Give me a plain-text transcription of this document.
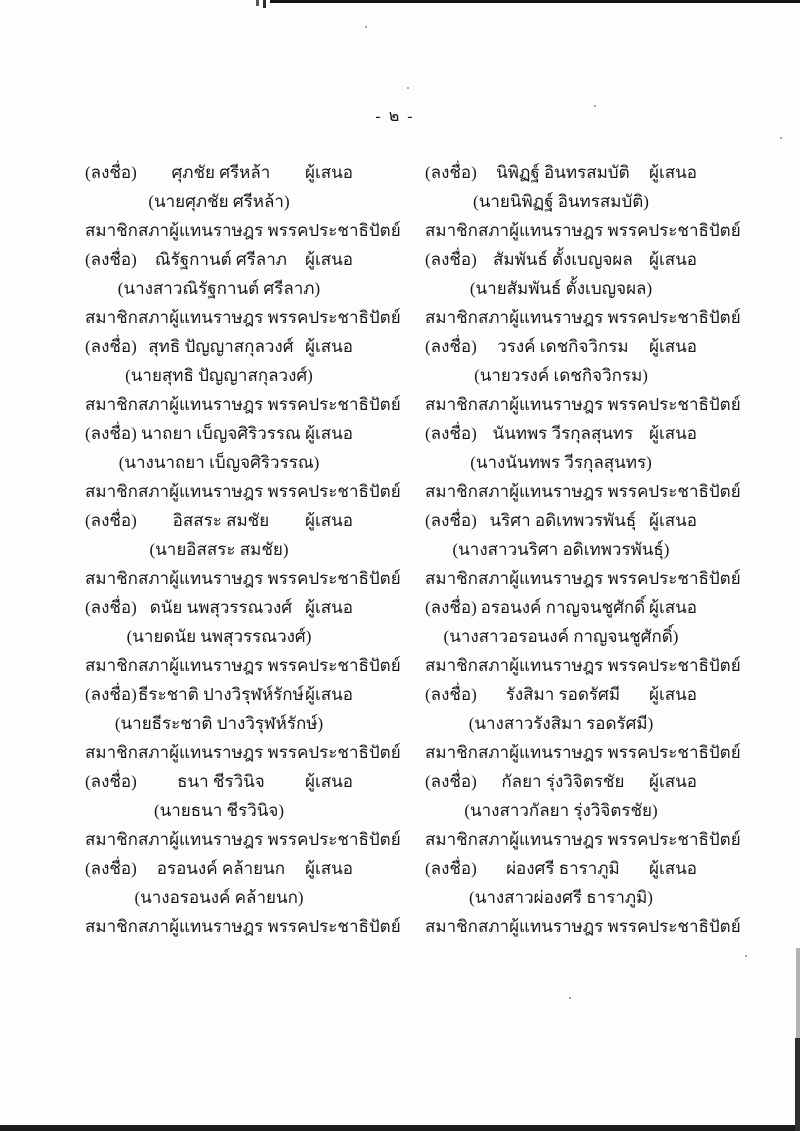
- ๒ -
(ลงชื่อ) ศุภชัย ศรีหล้า ผู้เสนอ
(นายศุภชัย ศรีหล้า)
สมาชิกสภาผู้แทนราษฎร พรรคประชาธิปัตย์
(ลงชื่อ) ณิรัฐกานต์ ศรีลาภ ผู้เสนอ
(นางสาวณิรัฐกานต์ ศรีลาภ)
สมาชิกสภาผู้แทนราษฎร พรรคประชาธิปัตย์
(ลงชื่อ) สุทธิ ปัญญาสกุลวงศ์ ผู้เสนอ
(นายสุทธิ ปัญญาสกุลวงศ์)
สมาชิกสภาผู้แทนราษฎร พรรคประชาธิปัตย์
(ลงชื่อ) นาถยา เบ็ญจศิริวรรณ ผู้เสนอ
(นางนาถยา เบ็ญจศิริวรรณ)
สมาชิกสภาผู้แทนราษฎร พรรคประชาธิปัตย์
(ลงชื่อ) อิสสระ สมชัย ผู้เสนอ
(นายอิสสระ สมชัย)
สมาชิกสภาผู้แทนราษฎร พรรคประชาธิปัตย์
(ลงชื่อ) ดนัย นพสุวรรณวงศ์ ผู้เสนอ
(นายดนัย นพสุวรรณวงศ์)
สมาชิกสภาผู้แทนราษฎร พรรคประชาธิปัตย์
(ลงชื่อ) ธีระชาติ ปางวิรุฬห์รักษ์ ผู้เสนอ
(นายธีระชาติ ปางวิรุฬห์รักษ์)
สมาชิกสภาผู้แทนราษฎร พรรคประชาธิปัตย์
(ลงชื่อ) ธนา ชีรวินิจ ผู้เสนอ
(นายธนา ชีรวินิจ)
สมาชิกสภาผู้แทนราษฎร พรรคประชาธิปัตย์
(ลงชื่อ) อรอนงค์ คล้ายนก ผู้เสนอ
(นางอรอนงค์ คล้ายนก)
สมาชิกสภาผู้แทนราษฎร พรรคประชาธิปัตย์
(ลงชื่อ) นิพิฏฐ์ อินทรสมบัติ ผู้เสนอ
(นายนิพิฏฐ์ อินทรสมบัติ)
สมาชิกสภาผู้แทนราษฎร พรรคประชาธิปัตย์
(ลงชื่อ) สัมพันธ์ ตั้งเบญจผล ผู้เสนอ
(นายสัมพันธ์ ตั้งเบญจผล)
สมาชิกสภาผู้แทนราษฎร พรรคประชาธิปัตย์
(ลงชื่อ) วรงค์ เดชกิจวิกรม ผู้เสนอ
(นายวรงค์ เดชกิจวิกรม)
สมาชิกสภาผู้แทนราษฎร พรรคประชาธิปัตย์
(ลงชื่อ) นันทพร วีรกุลสุนทร ผู้เสนอ
(นางนันทพร วีรกุลสุนทร)
สมาชิกสภาผู้แทนราษฎร พรรคประชาธิปัตย์
(ลงชื่อ) นริศา อดิเทพวรพันธุ์ ผู้เสนอ
(นางสาวนริศา อดิเทพวรพันธุ์)
สมาชิกสภาผู้แทนราษฎร พรรคประชาธิปัตย์
(ลงชื่อ) อรอนงค์ กาญจนชูศักดิ์ ผู้เสนอ
(นางสาวอรอนงค์ กาญจนชูศักดิ์)
สมาชิกสภาผู้แทนราษฎร พรรคประชาธิปัตย์
(ลงชื่อ) รังสิมา รอดรัศมี ผู้เสนอ
(นางสาวรังสิมา รอดรัศมี)
สมาชิกสภาผู้แทนราษฎร พรรคประชาธิปัตย์
(ลงชื่อ) กัลยา รุ่งวิจิตรชัย ผู้เสนอ
(นางสาวกัลยา รุ่งวิจิตรชัย)
สมาชิกสภาผู้แทนราษฎร พรรคประชาธิปัตย์
(ลงชื่อ) ผ่องศรี ธาราภูมิ ผู้เสนอ
(นางสาวผ่องศรี ธาราภูมิ)
สมาชิกสภาผู้แทนราษฎร พรรคประชาธิปัตย์
